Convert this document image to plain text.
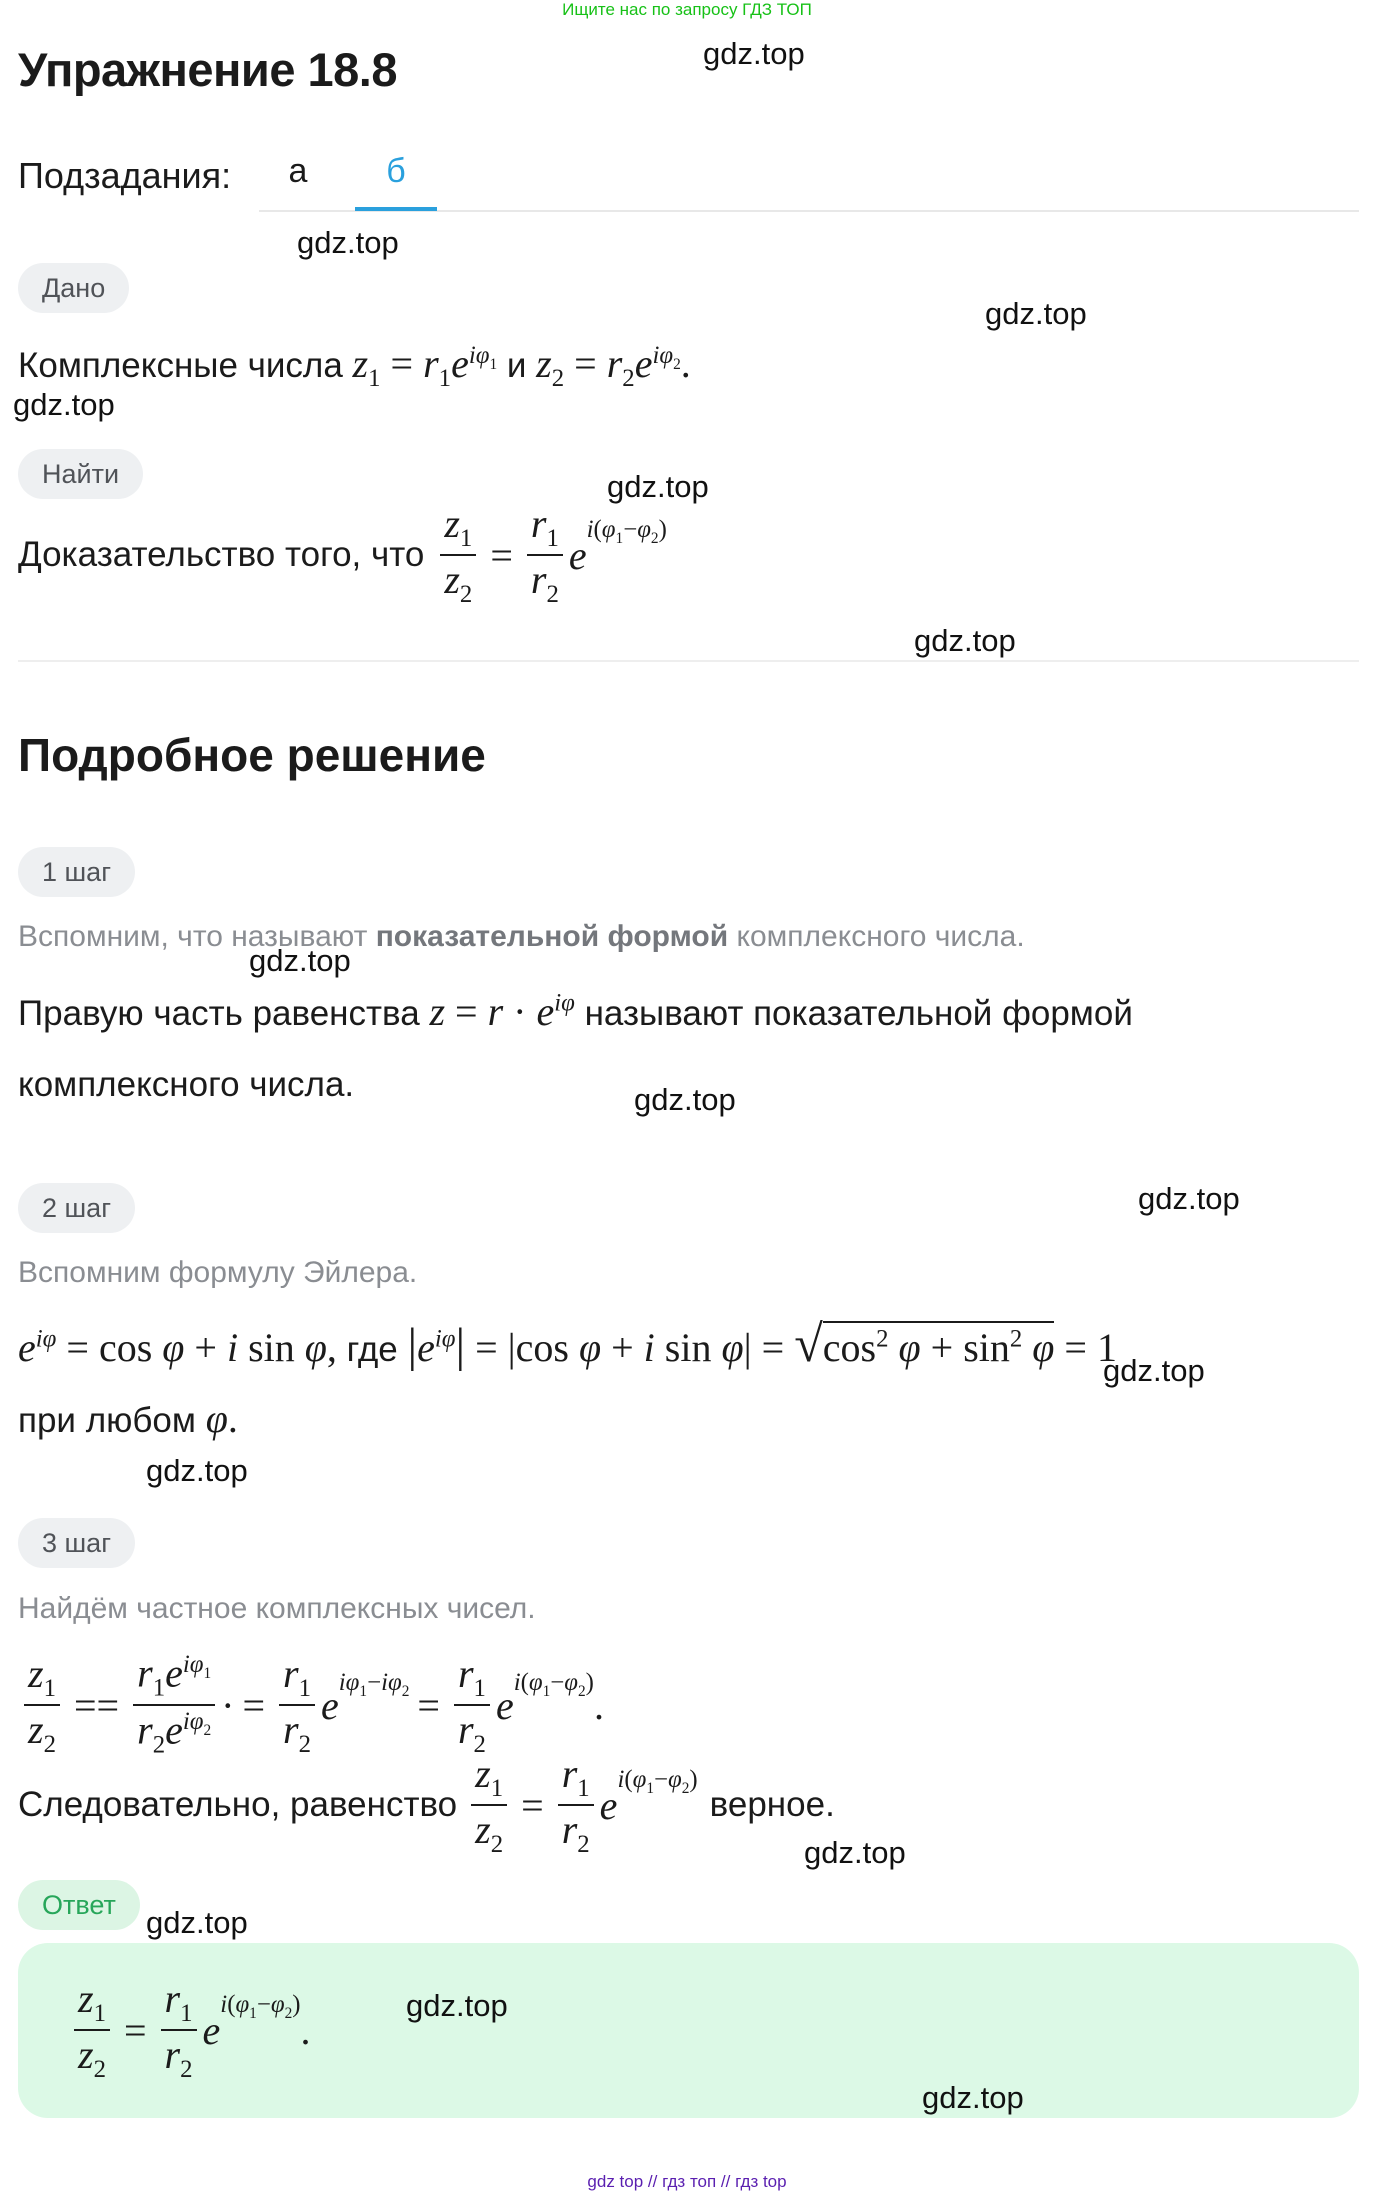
Ищите нас по запросу ГДЗ ТОП
Упражнение 18.8
Подзадания:	а	б
Дано
Комплексные числа $z_1 = r_1e^{i\varphi_1}$ и $z_2 = r_2e^{i\varphi_2}$.
Найти
Доказательство того, что $\frac{z_1}{z_2} = \frac{r_1}{r_2}$ e
$^{i(\varphi_1-\varphi_2)}$
Подробное решение
1 шаг
Вспомним, что называют показательной формой комплексного числа.
Правую часть равенства $z = r \cdot e^{i\varphi}$ называют показательной формой
комплексного числа.
2 шаг
Вспомним формулу Эйлера.
$e^{i\varphi} = \cos \varphi + i$ sin φ, где $|e^{i\varphi}| = |\cos$ φ + i $\sin \varphi| = √\cos^2$ $\varphi + \sin^2 \varphi = 1$
при любом φ.
3 шаг
Найдём частное комплексных чисел.
$\frac{z_1}{z_2} == \frac{r_1e^{i\varphi_1}}{r_2e^{i\varphi_2}}$ · = $\frac{r_1}{r_2}$ e $^{i\varphi_1-i\varphi_2} = \frac{r_1}{r_2}$ e $^{i(\varphi_1-\varphi_2)}$ .
Следовательно, равенство $\frac{z_1}{z_2} = \frac{r_1}{r_2}$ e
$^{i(\varphi_1-\varphi_2)}$
верное.
Ответ
$\frac{z_1}{z_2} = \frac{r_1}{r_2}$ e
$^{i(\varphi_1-\varphi_2)}$
.
gdz.top
gdz.top
gdz.top
gdz.top
gdz.top
gdz.top
gdz.top
gdz.top
gdz.top
gdz.top
gdz.top
gdz.top
gdz.top
gdz.top
gdz.top
gdz top // гдз топ // гдз top
